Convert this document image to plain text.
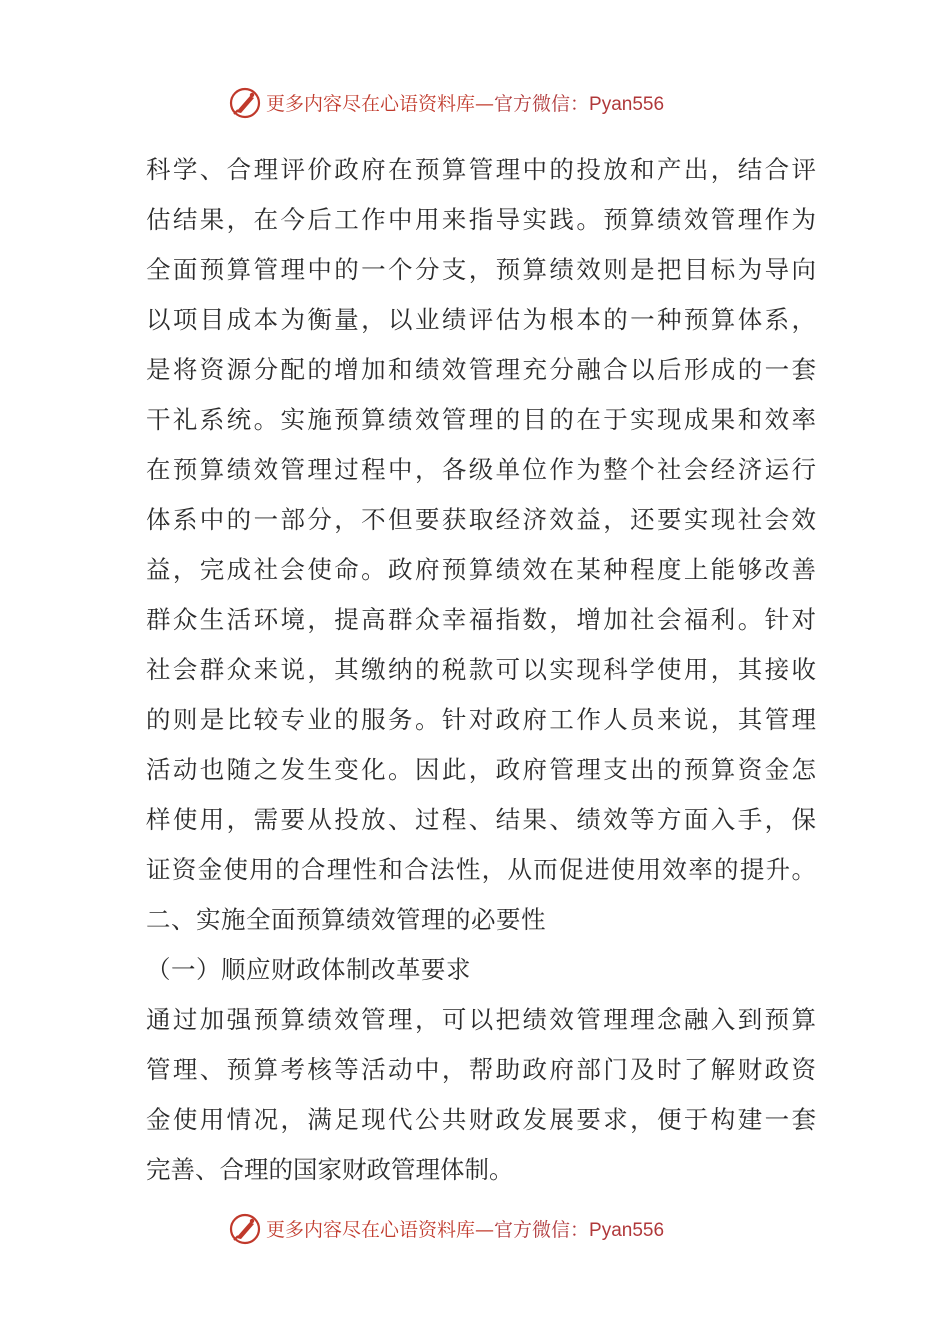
更多内容尽在心语资料库—官方微信：Pyan556
科学、合理评价政府在预算管理中的投放和产出，结合评
估结果，在今后工作中用来指导实践。预算绩效管理作为
全面预算管理中的一个分支，预算绩效则是把目标为导向
以项目成本为衡量，以业绩评估为根本的一种预算体系，
是将资源分配的增加和绩效管理充分融合以后形成的一套
干礼系统。实施预算绩效管理的目的在于实现成果和效率
在预算绩效管理过程中，各级单位作为整个社会经济运行
体系中的一部分，不但要获取经济效益，还要实现社会效
益，完成社会使命。政府预算绩效在某种程度上能够改善
群众生活环境，提高群众幸福指数，增加社会福利。针对
社会群众来说，其缴纳的税款可以实现科学使用，其接收
的则是比较专业的服务。针对政府工作人员来说，其管理
活动也随之发生变化。因此，政府管理支出的预算资金怎
样使用，需要从投放、过程、结果、绩效等方面入手，保
证资金使用的合理性和合法性，从而促进使用效率的提升。
二、实施全面预算绩效管理的必要性
（一）顺应财政体制改革要求
通过加强预算绩效管理，可以把绩效管理理念融入到预算
管理、预算考核等活动中，帮助政府部门及时了解财政资
金使用情况，满足现代公共财政发展要求，便于构建一套
完善、合理的国家财政管理体制。
更多内容尽在心语资料库—官方微信：Pyan556
